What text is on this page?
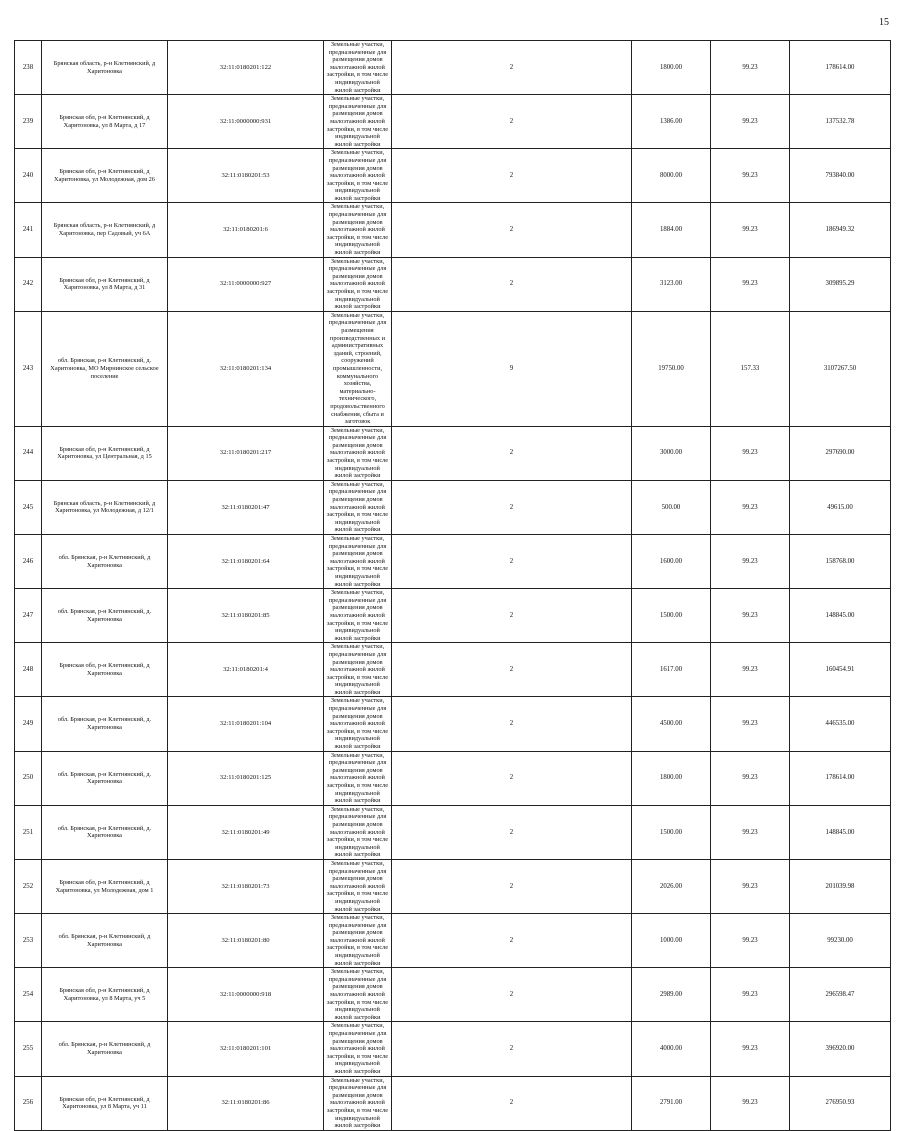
15
238	Брянская область, р-н Клетнянский, д Харитоновка	32:11:0180201:122	Земельные участки, предназначенные для размещения домов малоэтажной жилой застройки, в том числе индивидуальной жилой застройки	2	1800.00	99.23	178614.00
239	Брянская обл, р-н Клетнянский, д Харитоновка, ул 8 Марта, д 17	32:11:0000000:931	Земельные участки, предназначенные для размещения домов малоэтажной жилой застройки, в том числе индивидуальной жилой застройки	2	1386.00	99.23	137532.78
240	Брянская обл, р-н Клетнянский, д Харитоновка, ул Молодежная, дом 26	32:11:0180201:53	Земельные участки, предназначенные для размещения домов малоэтажной жилой застройки, в том числе индивидуальной жилой застройки	2	8000.00	99.23	793840.00
241	Брянская область, р-н Клетнянский, д Харитоновка, пер Садовый, уч 6А	32:11:0180201:6	Земельные участки, предназначенные для размещения домов малоэтажной жилой застройки, в том числе индивидуальной жилой застройки	2	1884.00	99.23	186949.32
242	Брянская обл, р-н Клетнянский, д Харитоновка, ул 8 Марта, д 31	32:11:0000000:927	Земельные участки, предназначенные для размещения домов малоэтажной жилой застройки, в том числе индивидуальной жилой застройки	2	3123.00	99.23	309895.29
243	обл. Брянская, р-н Клетнянский, д. Харитоновка, МО Мирнинское сельское поселение	32:11:0180201:134	Земельные участки, предназначенные для размещения производственных и административных зданий, строений, сооружений промышленности, коммунального хозяйства, материально-технического, продовольственного снабжения, сбыта и заготовок	9	19750.00	157.33	3107267.50
244	Брянская обл, р-н Клетнянский, д Харитоновка, ул Центральная, д 15	32:11:0180201:217	Земельные участки, предназначенные для размещения домов малоэтажной жилой застройки, в том числе индивидуальной жилой застройки	2	3000.00	99.23	297690.00
245	Брянская область, р-н Клетнянский, д Харитоновка, ул Молодежная, д 12/1	32:11:0180201:47	Земельные участки, предназначенные для размещения домов малоэтажной жилой застройки, в том числе индивидуальной жилой застройки	2	500.00	99.23	49615.00
246	обл. Брянская, р-н Клетнянский, д Харитоновка	32:11:0180201:64	Земельные участки, предназначенные для размещения домов малоэтажной жилой застройки, в том числе индивидуальной жилой застройки	2	1600.00	99.23	158768.00
247	обл. Брянская, р-н Клетнянский, д. Харитоновка	32:11:0180201:85	Земельные участки, предназначенные для размещения домов малоэтажной жилой застройки, в том числе индивидуальной жилой застройки	2	1500.00	99.23	148845.00
248	Брянская обл, р-н Клетнянский, д Харитоновка	32:11:0180201:4	Земельные участки, предназначенные для размещения домов малоэтажной жилой застройки, в том числе индивидуальной жилой застройки	2	1617.00	99.23	160454.91
249	обл. Брянская, р-н Клетнянский, д. Харитоновка	32:11:0180201:104	Земельные участки, предназначенные для размещения домов малоэтажной жилой застройки, в том числе индивидуальной жилой застройки	2	4500.00	99.23	446535.00
250	обл. Брянская, р-н Клетнянский, д. Харитоновка	32:11:0180201:125	Земельные участки, предназначенные для размещения домов малоэтажной жилой застройки, в том числе индивидуальной жилой застройки	2	1800.00	99.23	178614.00
251	обл. Брянская, р-н Клетнянский, д. Харитоновка	32:11:0180201:49	Земельные участки, предназначенные для размещения домов малоэтажной жилой застройки, в том числе индивидуальной жилой застройки	2	1500.00	99.23	148845.00
252	Брянская обл, р-н Клетнянский, д Харитоновка, ул Молодежная, дом 1	32:11:0180201:73	Земельные участки, предназначенные для размещения домов малоэтажной жилой застройки, в том числе индивидуальной жилой застройки	2	2026.00	99.23	201039.98
253	обл. Брянская, р-н Клетнянский, д Харитоновка	32:11:0180201:80	Земельные участки, предназначенные для размещения домов малоэтажной жилой застройки, в том числе индивидуальной жилой застройки	2	1000.00	99.23	99230.00
254	Брянская обл, р-н Клетнянский, д Харитоновка, ул 8 Марта, уч 5	32:11:0000000:918	Земельные участки, предназначенные для размещения домов малоэтажной жилой застройки, в том числе индивидуальной жилой застройки	2	2989.00	99.23	296598.47
255	обл. Брянская, р-н Клетнянский, д Харитоновка	32:11:0180201:101	Земельные участки, предназначенные для размещения домов малоэтажной жилой застройки, в том числе индивидуальной жилой застройки	2	4000.00	99.23	396920.00
256	Брянская обл, р-н Клетнянский, д Харитоновка, ул 8 Марта, уч 11	32:11:0180201:86	Земельные участки, предназначенные для размещения домов малоэтажной жилой застройки, в том числе индивидуальной жилой застройки	2	2791.00	99.23	276950.93
